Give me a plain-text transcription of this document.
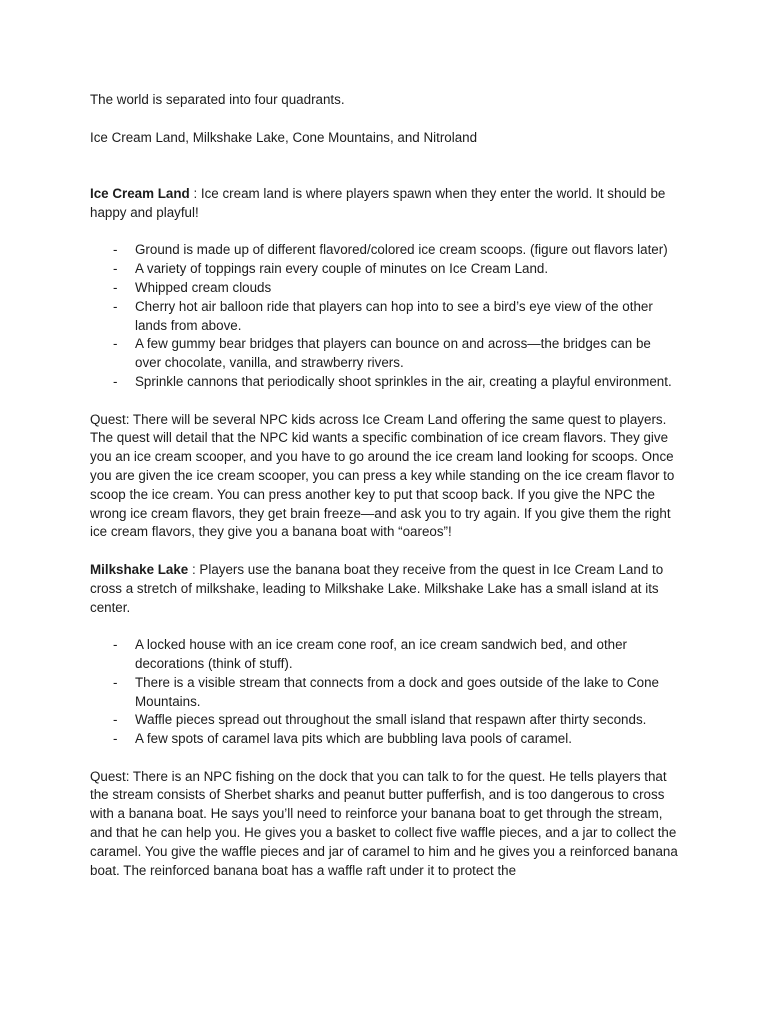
The world is separated into four quadrants.

Ice Cream Land, Milkshake Lake, Cone Mountains, and Nitroland

Ice Cream Land : Ice cream land is where players spawn when they enter the world. It should be happy and playful!

- Ground is made up of different flavored/colored ice cream scoops. (figure out flavors later)
- A variety of toppings rain every couple of minutes on Ice Cream Land.
- Whipped cream clouds
- Cherry hot air balloon ride that players can hop into to see a bird’s eye view of the other lands from above.
- A few gummy bear bridges that players can bounce on and across—the bridges can be over chocolate, vanilla, and strawberry rivers.
- Sprinkle cannons that periodically shoot sprinkles in the air, creating a playful environment.

Quest: There will be several NPC kids across Ice Cream Land offering the same quest to players. The quest will detail that the NPC kid wants a specific combination of ice cream flavors. They give you an ice cream scooper, and you have to go around the ice cream land looking for scoops. Once you are given the ice cream scooper, you can press a key while standing on the ice cream flavor to scoop the ice cream. You can press another key to put that scoop back. If you give the NPC the wrong ice cream flavors, they get brain freeze—and ask you to try again. If you give them the right ice cream flavors, they give you a banana boat with “oareos”!

Milkshake Lake : Players use the banana boat they receive from the quest in Ice Cream Land to cross a stretch of milkshake, leading to Milkshake Lake. Milkshake Lake has a small island at its center.

- A locked house with an ice cream cone roof, an ice cream sandwich bed, and other decorations (think of stuff).
- There is a visible stream that connects from a dock and goes outside of the lake to Cone Mountains.
- Waffle pieces spread out throughout the small island that respawn after thirty seconds.
- A few spots of caramel lava pits which are bubbling lava pools of caramel.

Quest: There is an NPC fishing on the dock that you can talk to for the quest. He tells players that the stream consists of Sherbet sharks and peanut butter pufferfish, and is too dangerous to cross with a banana boat. He says you’ll need to reinforce your banana boat to get through the stream, and that he can help you. He gives you a basket to collect five waffle pieces, and a jar to collect the caramel. You give the waffle pieces and jar of caramel to him and he gives you a reinforced banana boat. The reinforced banana boat has a waffle raft under it to protect the
